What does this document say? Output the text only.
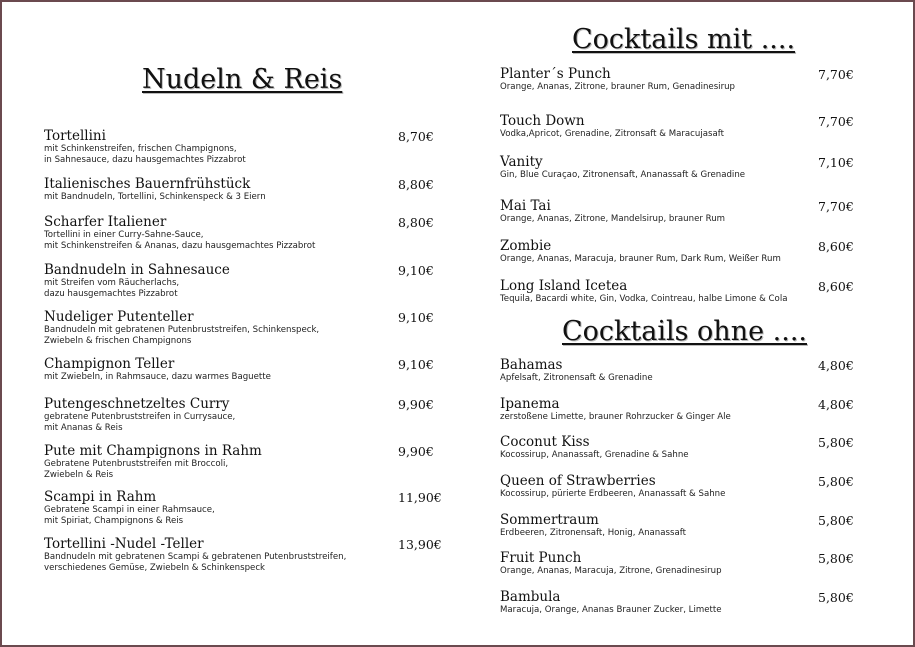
Nudeln & Reis
Tortellini
mit Schinkenstreifen, frischen Champignons,
in Sahnesauce, dazu hausgemachtes Pizzabrot
8,70€
Italienisches Bauernfrühstück
mit Bandnudeln, Tortellini, Schinkenspeck & 3 Eiern
8,80€
Scharfer Italiener
Tortellini in einer Curry-Sahne-Sauce,
mit Schinkenstreifen & Ananas, dazu hausgemachtes Pizzabrot
8,80€
Bandnudeln in Sahnesauce
mit Streifen vom Räucherlachs,
dazu hausgemachtes Pizzabrot
9,10€
Nudeliger Putenteller
Bandnudeln mit gebratenen Putenbruststreifen, Schinkenspeck,
Zwiebeln & frischen Champignons
9,10€
Champignon Teller
mit Zwiebeln, in Rahmsauce, dazu warmes Baguette
9,10€
Putengeschnetzeltes Curry
gebratene Putenbruststreifen in Currysauce,
mit Ananas & Reis
9,90€
Pute mit Champignons in Rahm
Gebratene Putenbruststreifen mit Broccoli,
Zwiebeln & Reis
9,90€
Scampi in Rahm
Gebratene Scampi in einer Rahmsauce,
mit Spiriat, Champignons & Reis
11,90€
Tortellini -Nudel -Teller
Bandnudeln mit gebratenen Scampi & gebratenen Putenbruststreifen,
verschiedenes Gemüse, Zwiebeln & Schinkenspeck
13,90€
Cocktails mit ....
Planter´s Punch
Orange, Ananas, Zitrone, brauner Rum, Genadinesirup
7,70€
Touch Down
Vodka,Apricot, Grenadine, Zitronsaft & Maracujasaft
7,70€
Vanity
Gin, Blue Curaçao, Zitronensaft, Ananassaft & Grenadine
7,10€
Mai Tai
Orange, Ananas, Zitrone, Mandelsirup, brauner Rum
7,70€
Zombie
Orange, Ananas, Maracuja, brauner Rum, Dark Rum, Weißer Rum
8,60€
Long Island Icetea
Tequila, Bacardi white, Gin, Vodka, Cointreau, halbe Limone & Cola
8,60€
Cocktails ohne ....
Bahamas
Apfelsaft, Zitronensaft & Grenadine
4,80€
Ipanema
zerstoßene Limette, brauner Rohrzucker & Ginger Ale
4,80€
Coconut Kiss
Kocossirup, Ananassaft, Grenadine & Sahne
5,80€
Queen of Strawberries
Kocossirup, pürierte Erdbeeren, Ananassaft & Sahne
5,80€
Sommertraum
Erdbeeren, Zitronensaft, Honig, Ananassaft
5,80€
Fruit Punch
Orange, Ananas, Maracuja, Zitrone, Grenadinesirup
5,80€
Bambula
Maracuja, Orange, Ananas Brauner Zucker, Limette
5,80€
